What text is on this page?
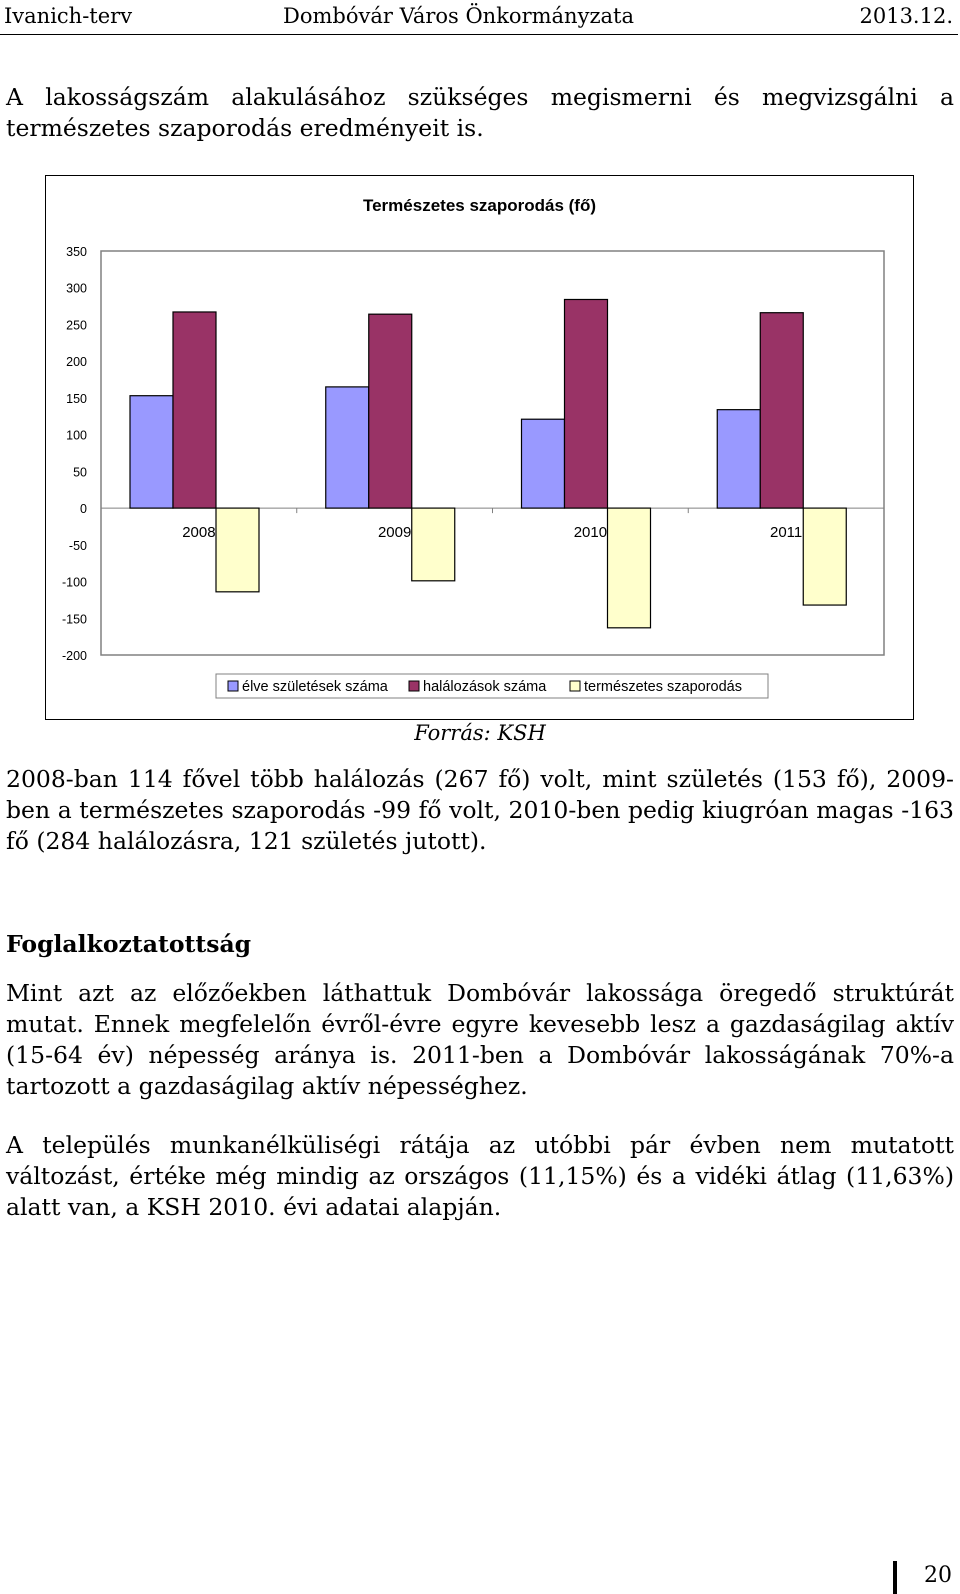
Ivanich-terv	Dombóvár Város Önkormányzata	2013.12.

A lakosságszám alakulásához szükséges megismerni és megvizsgálni a természetes szaporodás eredményeit is.

Természetes szaporodás (fő)
350
300
250
200
150
100
50
0
-50
-100
-150
-200
2008	2009	2010	2011
élve születések száma halálozások száma	természetes szaporodás
Forrás: KSH

2008-ban 114 fővel több halálozás (267 fő) volt, mint születés (153 fő), 2009-ben a természetes szaporodás -99 fő volt, 2010-ben pedig kiugróan magas -163 fő (284 halálozásra, 121 születés jutott).

Foglalkoztatottság

Mint azt az előzőekben láthattuk Dombóvár lakossága öregedő struktúrát mutat. Ennek megfelelőn évről-évre egyre kevesebb lesz a gazdaságilag aktív (15-64 év) népesség aránya is. 2011-ben a Dombóvár lakosságának 70%-a tartozott a gazdaságilag aktív népességhez.

A település munkanélküliségi rátája az utóbbi pár évben nem mutatott változást, értéke még mindig az országos (11,15%) és a vidéki átlag (11,63%) alatt van, a KSH 2010. évi adatai alapján.

20
